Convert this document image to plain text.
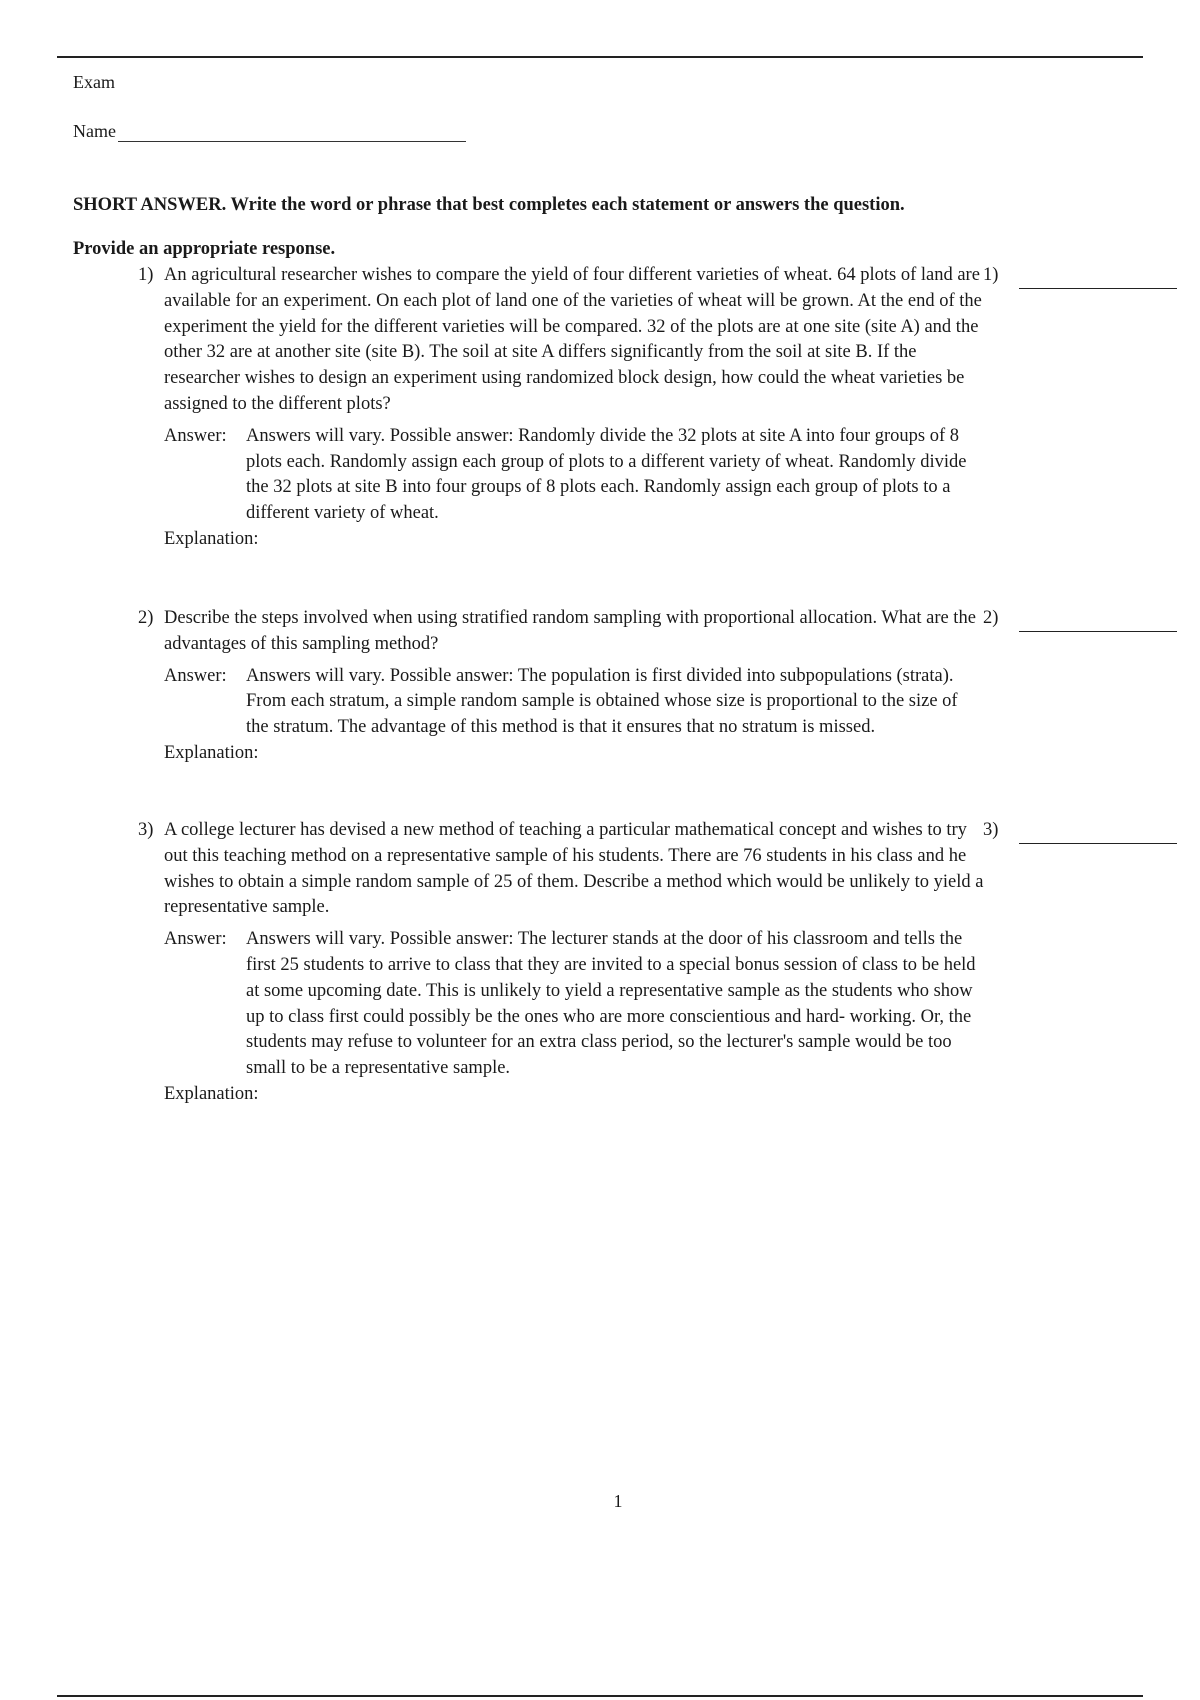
Exam
Name
SHORT ANSWER. Write the word or phrase that best completes each statement or answers the question.
Provide an appropriate response.
1) An agricultural researcher wishes to compare the yield of four different varieties of wheat. 64 plots of land are available for an experiment. On each plot of land one of the varieties of wheat will be grown. At the end of the experiment the yield for the different varieties will be compared. 32 of the plots are at one site (site A) and the other 32 are at another site (site B). The soil at site A differs significantly from the soil at site B. If the researcher wishes to design an experiment using randomized block design, how could the wheat varieties be assigned to the different plots?
1)
Answer:	Answers will vary. Possible answer: Randomly divide the 32 plots at site A into four groups of 8 plots each. Randomly assign each group of plots to a different variety of wheat. Randomly divide the 32 plots at site B into four groups of 8 plots each. Randomly assign each group of plots to a different variety of wheat.
Explanation:
2) Describe the steps involved when using stratified random sampling with proportional allocation. What are the advantages of this sampling method?
2)
Answer:	Answers will vary. Possible answer: The population is first divided into subpopulations (strata). From each stratum, a simple random sample is obtained whose size is proportional to the size of the stratum. The advantage of this method is that it ensures that no stratum is missed.
Explanation:
3) A college lecturer has devised a new method of teaching a particular mathematical concept and wishes to try out this teaching method on a representative sample of his students. There are 76 students in his class and he wishes to obtain a simple random sample of 25 of them. Describe a method which would be unlikely to yield a representative sample.
3)
Answer:	Answers will vary. Possible answer: The lecturer stands at the door of his classroom and tells the first 25 students to arrive to class that they are invited to a special bonus session of class to be held at some upcoming date. This is unlikely to yield a representative sample as the students who show up to class first could possibly be the ones who are more conscientious and hard- working. Or, the students may refuse to volunteer for an extra class period, so the lecturer's sample would be too small to be a representative sample.
Explanation:
1
